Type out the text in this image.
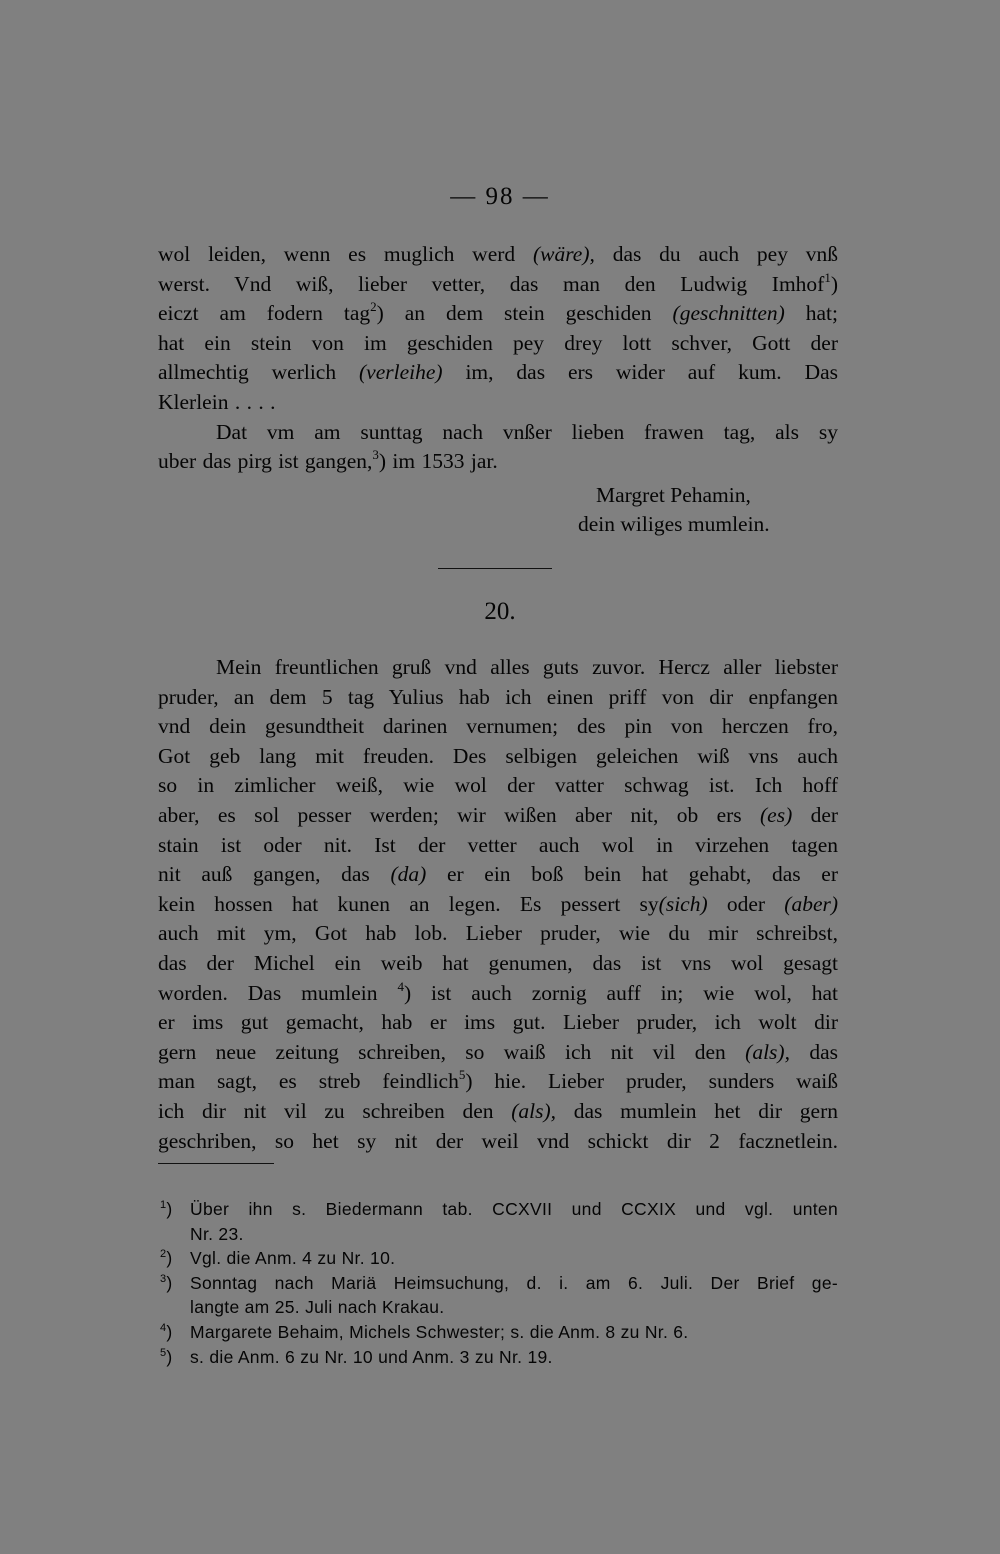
— 98 —
wol leiden, wenn es muglich werd (wäre), das du auch pey vnß
werst. Vnd wiß, lieber vetter, das man den Ludwig Imhof$^1$)
eiczt am fodern tag$^2$) an dem stein geschiden (geschnitten) hat;
hat ein stein von im geschiden pey drey lott schver, Gott der
allmechtig werlich (verleihe) im, das ers wider auf kum. Das
Klerlein . . . .
Dat vm am sunttag nach vnßer lieben frawen tag, als sy
uber das pirg ist gangen,$^3$) im 1533 jar.
Margret Pehamin,
dein wiliges mumlein.
20.
Mein freuntlichen gruß vnd alles guts zuvor. Hercz aller liebster
pruder, an dem 5 tag Yulius hab ich einen priff von dir enpfangen
vnd dein gesundtheit darinen vernumen; des pin von herczen fro,
Got geb lang mit freuden. Des selbigen geleichen wiß vns auch
so in zimlicher weiß, wie wol der vatter schwag ist. Ich hoff
aber, es sol pesser werden; wir wißen aber nit, ob ers (es) der
stain ist oder nit. Ist der vetter auch wol in virzehen tagen
nit auß gangen, das (da) er ein boß bein hat gehabt, das er
kein hossen hat kunen an legen. Es pessert sy(sich) oder (aber)
auch mit ym, Got hab lob. Lieber pruder, wie du mir schreibst,
das der Michel ein weib hat genumen, das ist vns wol gesagt
worden. Das mumlein $^4$) ist auch zornig auff in; wie wol, hat
er ims gut gemacht, hab er ims gut. Lieber pruder, ich wolt dir
gern neue zeitung schreiben, so waiß ich nit vil den (als), das
man sagt, es streb feindlich$^5$) hie. Lieber pruder, sunders waiß
ich dir nit vil zu schreiben den (als), das mumlein het dir gern
geschriben, so het sy nit der weil vnd schickt dir 2 facznetlein.
$^1$) Über ihn s. Biedermann tab. CCXVII und CCXIX und vgl. unten
Nr. 23.
$^2$) Vgl. die Anm. 4 zu Nr. 10.
$^3$) Sonntag nach Mariä Heimsuchung, d. i. am 6. Juli. Der Brief ge-
langte am 25. Juli nach Krakau.
$^4$) Margarete Behaim, Michels Schwester; s. die Anm. 8 zu Nr. 6.
$^5$) s. die Anm. 6 zu Nr. 10 und Anm. 3 zu Nr. 19.
